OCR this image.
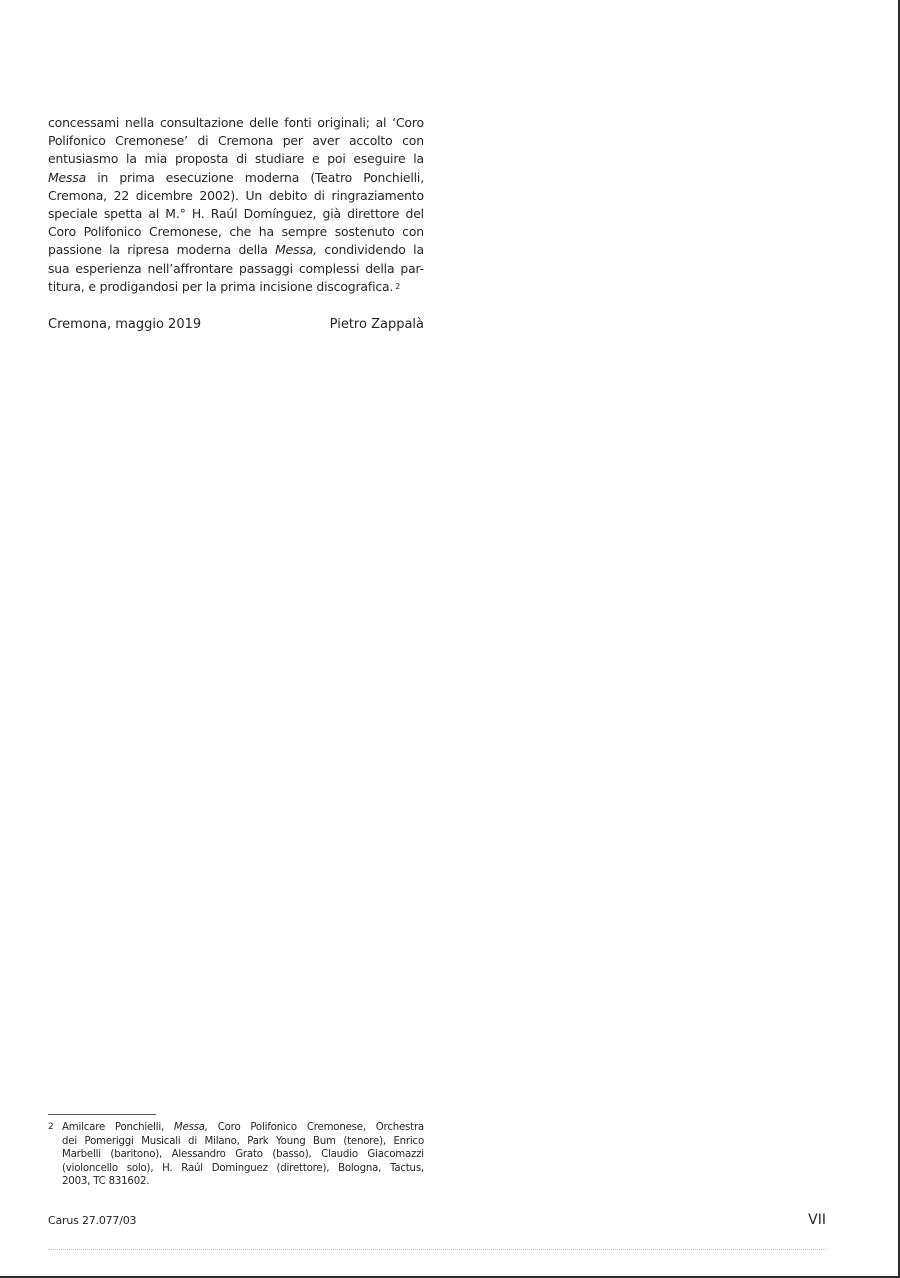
concessami nella consultazione delle fonti originali; al ‘Coro
Polifonico Cremonese’ di Cremona per aver accolto con
entusiasmo la mia proposta di studiare e poi eseguire la
Messa in prima esecuzione moderna (Teatro Ponchielli,
Cremona, 22 dicembre 2002). Un debito di ringraziamento
speciale spetta al M.° H. Raúl Domínguez, già direttore del
Coro Polifonico Cremonese, che ha sempre sostenuto con
passione la ripresa moderna della Messa, condividendo la
sua esperienza nell’affrontare passaggi complessi della par-
titura, e prodigandosi per la prima incisione discografica. 2
Cremona, maggio 2019	Pietro Zappalà
2 Amilcare Ponchielli, Messa, Coro Polifonico Cremonese, Orchestra
dei Pomeriggi Musicali di Milano, Park Young Bum (tenore), Enrico
Marbelli (baritono), Alessandro Grato (basso), Claudio Giacomazzi
(violoncello solo), H. Raúl Dominguez (direttore), Bologna, Tactus,
2003, TC 831602.
Carus 27.077/03	VII
